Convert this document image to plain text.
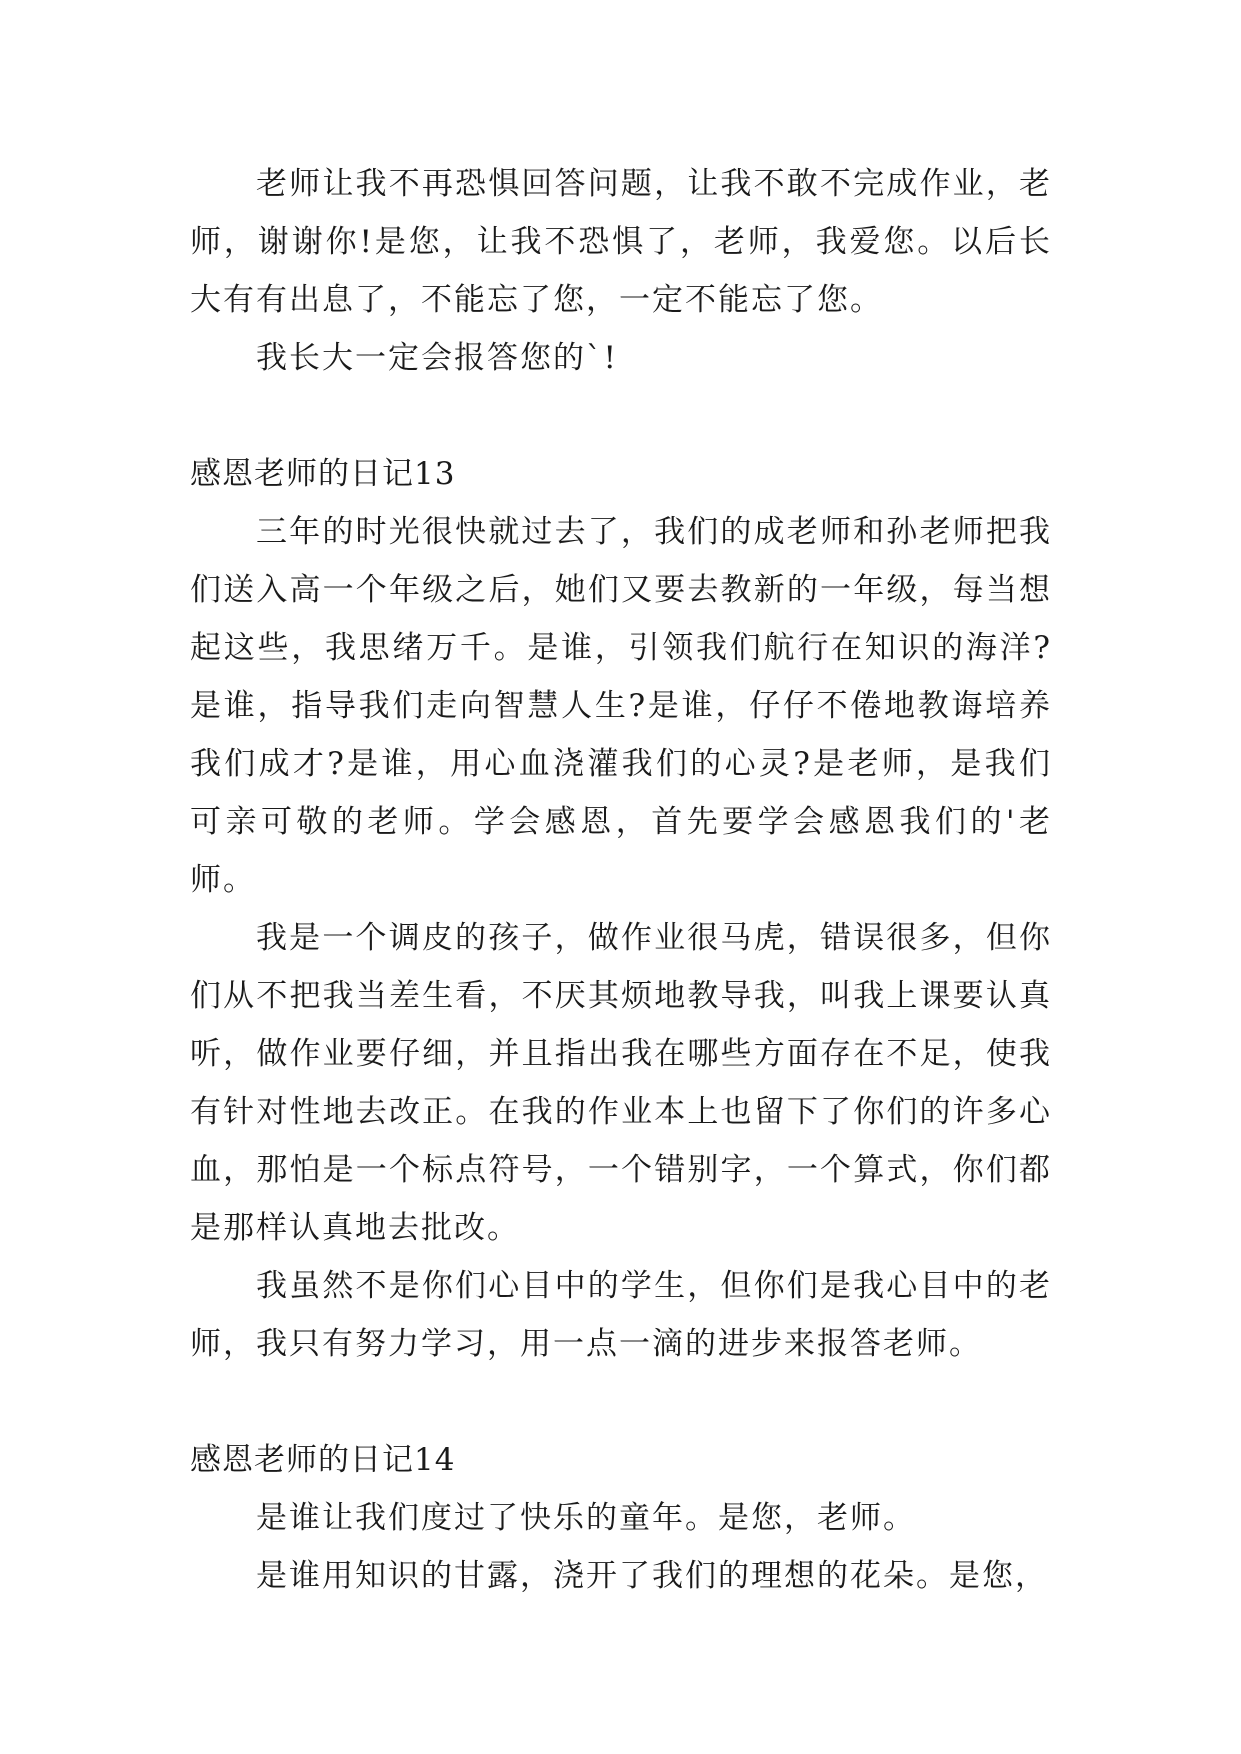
老师让我不再恐惧回答问题，让我不敢不完成作业，老师，谢谢你!是您，让我不恐惧了，老师，我爱您。以后长大有有出息了，不能忘了您，一定不能忘了您。

我长大一定会报答您的`!

感恩老师的日记13

三年的时光很快就过去了，我们的成老师和孙老师把我们送入高一个年级之后，她们又要去教新的一年级，每当想起这些，我思绪万千。是谁，引领我们航行在知识的海洋?是谁，指导我们走向智慧人生?是谁，仔仔不倦地教诲培养我们成才?是谁，用心血浇灌我们的心灵?是老师，是我们可亲可敬的老师。学会感恩，首先要学会感恩我们的'老师。

我是一个调皮的孩子，做作业很马虎，错误很多，但你们从不把我当差生看，不厌其烦地教导我，叫我上课要认真听，做作业要仔细，并且指出我在哪些方面存在不足，使我有针对性地去改正。在我的作业本上也留下了你们的许多心血，那怕是一个标点符号，一个错别字，一个算式，你们都是那样认真地去批改。

我虽然不是你们心目中的学生，但你们是我心目中的老师，我只有努力学习，用一点一滴的进步来报答老师。

感恩老师的日记14

是谁让我们度过了快乐的童年。是您，老师。

是谁用知识的甘露，浇开了我们的理想的花朵。是您，
